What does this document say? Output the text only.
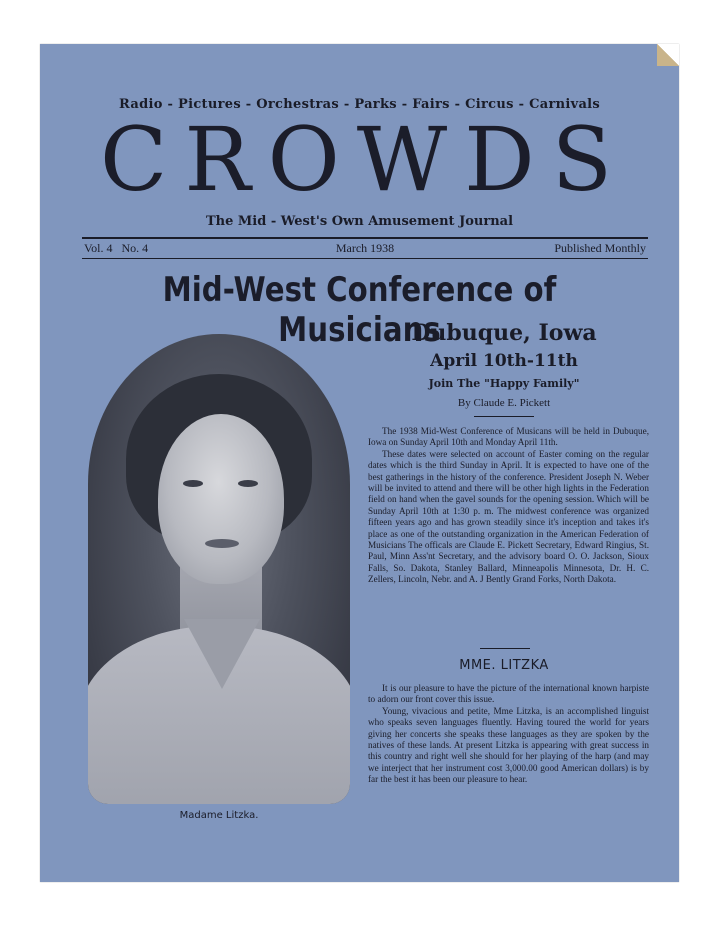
Radio - Pictures - Orchestras - Parks - Fairs - Circus - Carnivals
CROWDS
The Mid - West's Own Amusement Journal
Vol. 4   No. 4	March 1938	Published Monthly
Mid-West Conference of Musicians
Madame Litzka.
Dubuque, Iowa
April 10th-11th
Join The "Happy Family"
By Claude E. Pickett

The 1938 Mid-West Conference of Musicans will be held in Dubuque, Iowa on Sunday April 10th and Monday April 11th.

These dates were selected on account of Easter coming on the regular dates which is the third Sunday in April. It is expected to have one of the best gatherings in the history of the conference. President Joseph N. Weber will be invited to attend and there will be other high lights in the Federation field on hand when the gavel sounds for the opening session. Which will be Sunday April 10th at 1:30 p. m. The midwest conference was organized fifteen years ago and has grown steadily since it's inception and takes it's place as one of the outstanding organization in the American Federation of Musicians The officals are Claude E. Pickett Secretary, Edward Ringius, St. Paul, Minn Ass'nt Secretary, and the advisory board O. O. Jackson, Sioux Falls, So. Dakota, Stanley Ballard, Minneapolis Minnesota, Dr. H. C. Zellers, Lincoln, Nebr. and A. J Bently Grand Forks, North Dakota.

MME. LITZKA

It is our pleasure to have the picture of the international known harpiste to adorn our front cover this issue.

Young, vivacious and petite, Mme Litzka, is an accomplished linguist who speaks seven languages fluently. Having toured the world for years giving her concerts she speaks these languages as they are spoken by the natives of these lands. At present Litzka is appearing with great success in this country and right well she should for her playing of the harp (and may we interject that her instrument cost 3,000.00 good American dollars) is by far the best it has been our pleasure to hear.
